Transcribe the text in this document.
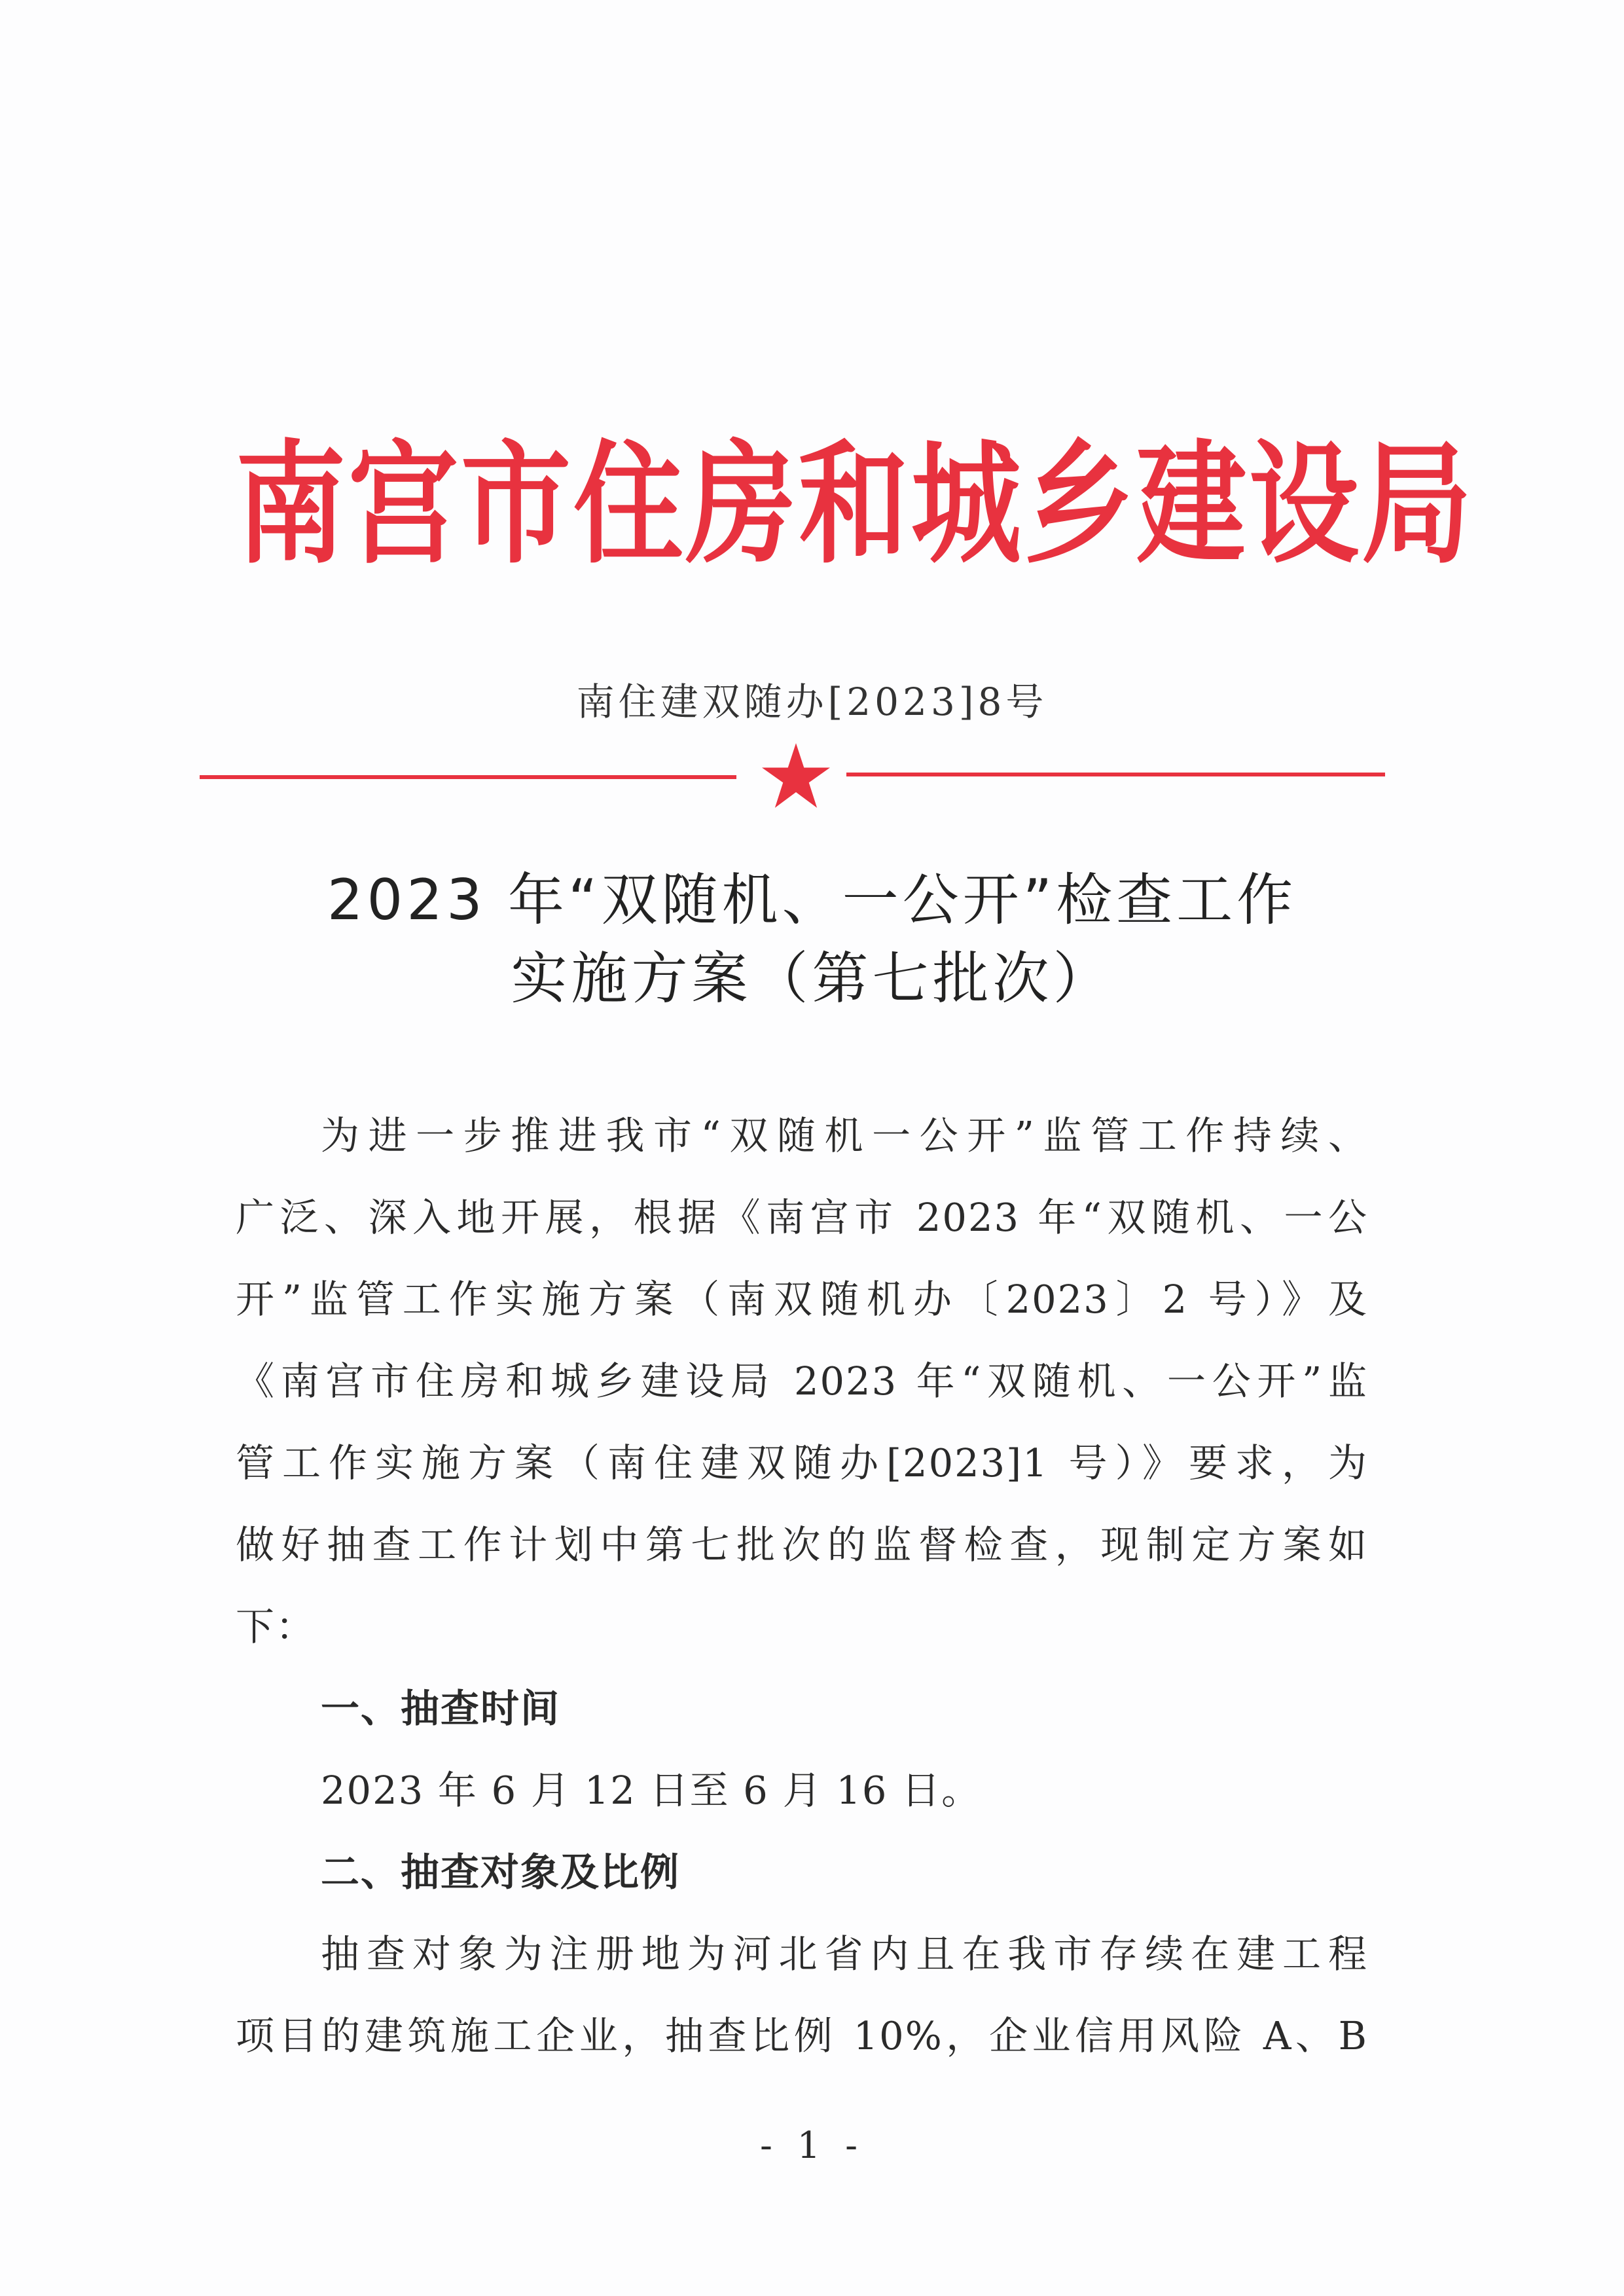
南宫市住房和城乡建设局
南住建双随办[2023]8号
2023 年“双随机、一公开”检查工作
实施方案（第七批次）
为进一步推进我市“双随机一公开”监管工作持续、
广泛、深入地开展，根据《南宫市 2023 年“双随机、一公
开”监管工作实施方案（南双随机办〔2023〕2 号）》及
《南宫市住房和城乡建设局 2023 年“双随机、一公开”监
管工作实施方案（南住建双随办[2023]1 号）》要求，为
做好抽查工作计划中第七批次的监督检查，现制定方案如
下：
一、抽查时间
2023 年 6 月 12 日至 6 月 16 日。
二、抽查对象及比例
抽查对象为注册地为河北省内且在我市存续在建工程
项目的建筑施工企业，抽查比例 10%，企业信用风险 A、B
- 1 -
